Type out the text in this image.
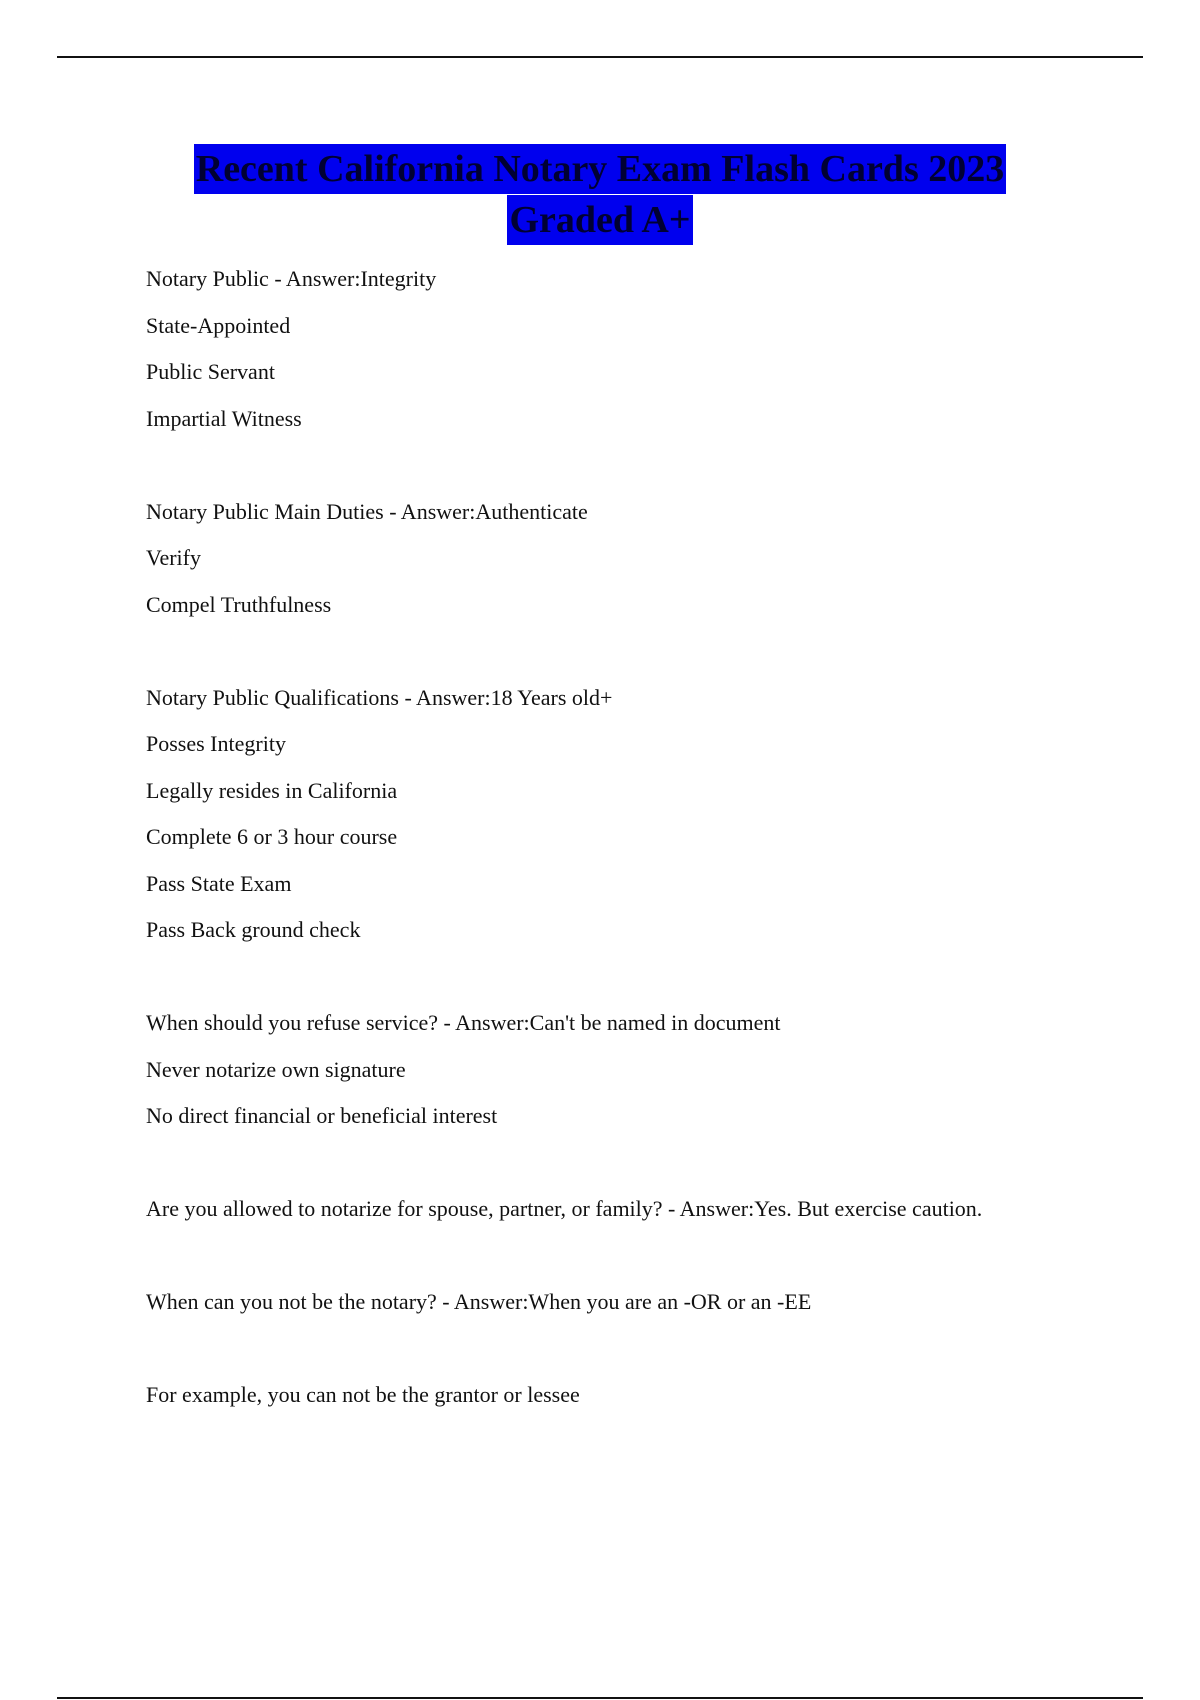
Recent California Notary Exam Flash Cards 2023
Graded A+
Notary Public - Answer:Integrity
State-Appointed
Public Servant
Impartial Witness
Notary Public Main Duties - Answer:Authenticate
Verify
Compel Truthfulness
Notary Public Qualifications - Answer:18 Years old+
Posses Integrity
Legally resides in California
Complete 6 or 3 hour course
Pass State Exam
Pass Back ground check
When should you refuse service? - Answer:Can't be named in document
Never notarize own signature
No direct financial or beneficial interest
Are you allowed to notarize for spouse, partner, or family? - Answer:Yes. But exercise caution.
When can you not be the notary? - Answer:When you are an -OR or an -EE
For example, you can not be the grantor or lessee
